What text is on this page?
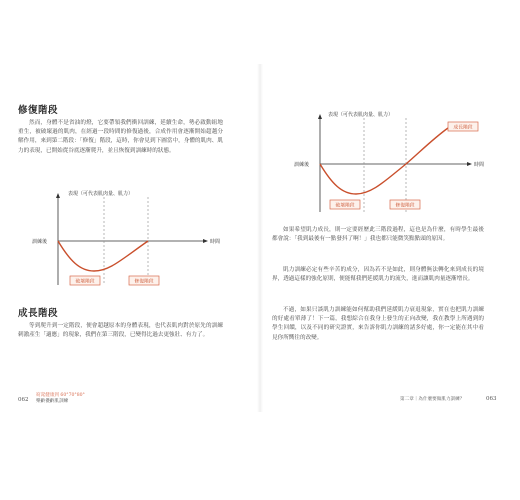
修復階段
然而，身體不是省油的燈，它要帶領我們衝回訓練，延續生命，勢必啟動組地重生，被破壞過的肌肉，在經過一段時間的修復過後，合成作用會逐漸開始超越分解作用，來到第二階段：「修復」階段，這時，你會見到下圖當中，身體的肌肉、肌力的表現，已開始從谷底逐漸爬升，並且恢復到訓練時的狀態。
表現（可代表肌肉量、肌力）
時間
訓練後
破壞階段	修復階段
成長階段
等到爬升到一定階段，便會超越原本的身體表現，也代表肌肉對於原先的訓練刺激產生「適應」的現象，我們在第三階段，已變得比過去更強壯、有力了。
062
窈窕健康到 60°70°80°
樂齡優齡肌訓練
表現（可代表肌肉量、肌力）
時間
訓練後
破壞階段	修復階段
成長階段
如果希望肌力成長，則一定要經歷此三階段過程，這也是為什麼，有時學生最後都會說：「我到最後有一點發抖了啊！」我也都只能微笑點點頭的原因。
肌力訓練必定有些辛苦的成分，因為若不是如此，則身體無法轉化來到成長的境界，透過這樣的強化原則，便能幫我們延緩肌力的流失，進而讓肌肉量逐漸增長。
不過，如果只談肌力訓練能如何幫助我們延緩肌力衰退現象，實在也把肌力訓練的好處看單薄了！下一篇，我想綜合在我身上發生的正向改變，我在教學上所遇到的學生回饋，以及不同的研究證實，來告訴你肌力訓練的諸多好處，你一定能在其中看見你所嚮往的改變。
第二章｜為什麼要做肌力訓練？	063
